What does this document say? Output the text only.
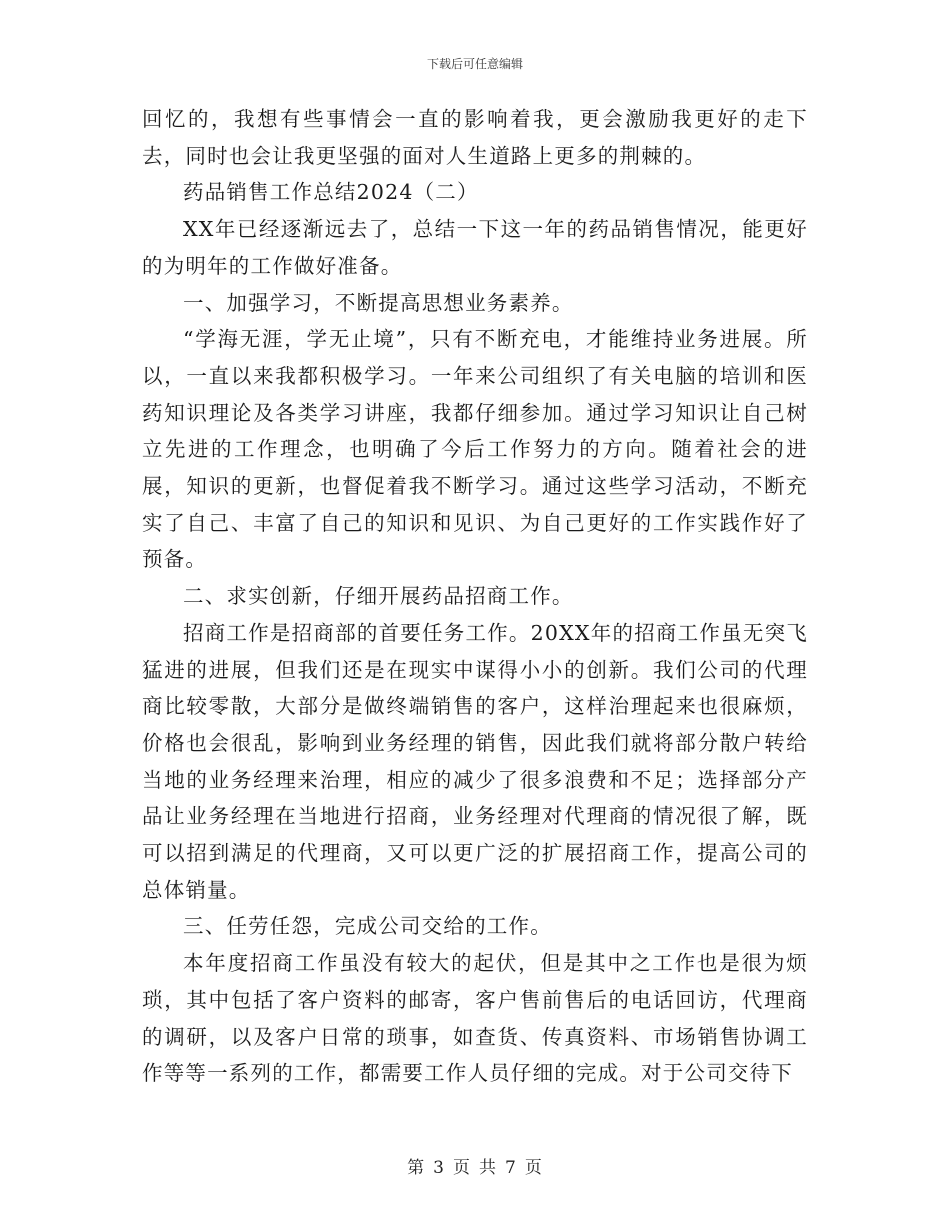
下载后可任意编辑

回忆的，我想有些事情会一直的影响着我，更会激励我更好的走下去，同时也会让我更坚强的面对人生道路上更多的荆棘的。

药品销售工作总结2024（二）

XX年已经逐渐远去了，总结一下这一年的药品销售情况，能更好的为明年的工作做好准备。

一、加强学习，不断提高思想业务素养。

“学海无涯，学无止境”，只有不断充电，才能维持业务进展。所以，一直以来我都积极学习。一年来公司组织了有关电脑的培训和医药知识理论及各类学习讲座，我都仔细参加。通过学习知识让自己树立先进的工作理念，也明确了今后工作努力的方向。随着社会的进展，知识的更新，也督促着我不断学习。通过这些学习活动，不断充实了自己、丰富了自己的知识和见识、为自己更好的工作实践作好了预备。

二、求实创新，仔细开展药品招商工作。

招商工作是招商部的首要任务工作。20XX年的招商工作虽无突飞猛进的进展，但我们还是在现实中谋得小小的创新。我们公司的代理商比较零散，大部分是做终端销售的客户，这样治理起来也很麻烦，价格也会很乱，影响到业务经理的销售，因此我们就将部分散户转给当地的业务经理来治理，相应的减少了很多浪费和不足；选择部分产品让业务经理在当地进行招商，业务经理对代理商的情况很了解，既可以招到满足的代理商，又可以更广泛的扩展招商工作，提高公司的总体销量。

三、任劳任怨，完成公司交给的工作。

本年度招商工作虽没有较大的起伏，但是其中之工作也是很为烦琐，其中包括了客户资料的邮寄，客户售前售后的电话回访，代理商的调研，以及客户日常的琐事，如查货、传真资料、市场销售协调工作等等一系列的工作，都需要工作人员仔细的完成。对于公司交待下

第 3 页 共 7 页
